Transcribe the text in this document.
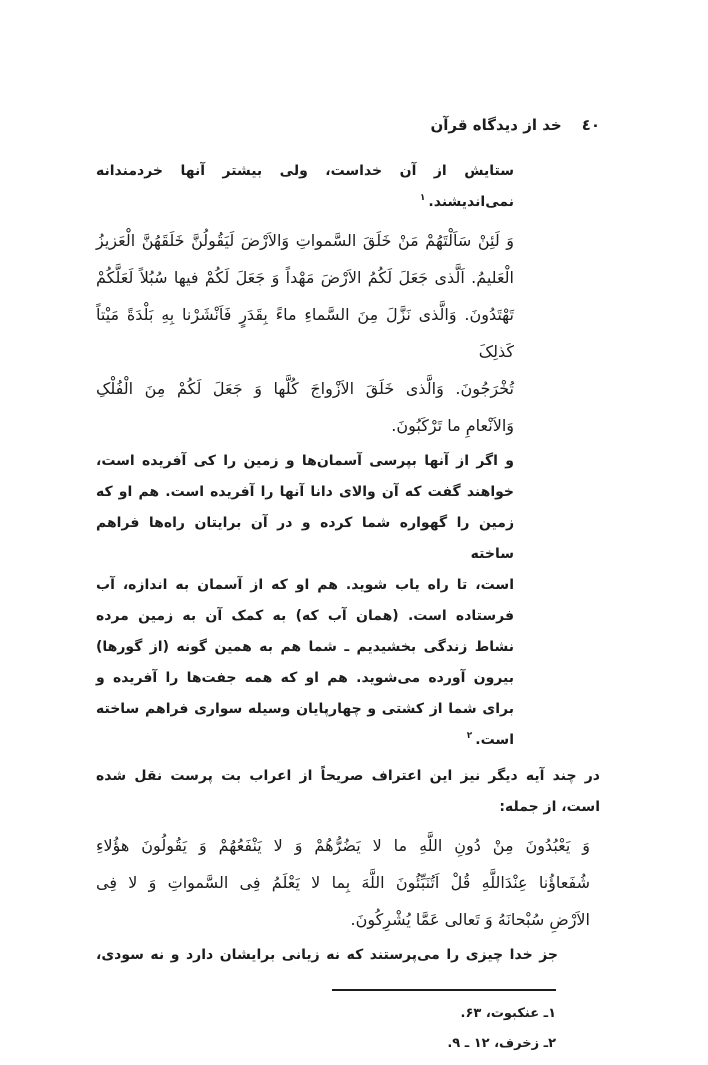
٤٠
خد از دیدگاه قرآن
ستایش از آن خداست، ولی بیشتر آنها خردمندانه نمی‌اندیشند.$^۱$
وَ لَئِنْ سَاَلْتَهُمْ مَنْ خَلَقَ السَّمواتِ وَالاَرْضَ لَیَقُولُنَّ خَلَقَهُنَّ الْعَزیزُ
الْعَلیمُ. اَلَّذی جَعَلَ لَکُمُ الاَرْضَ مَهْداً وَ جَعَلَ لَکُمْ فیها سُبُلاً لَعَلَّکُمْ
تَهْتَدُونَ. وَالَّذی نَزَّلَ مِنَ السَّماءِ ماءً بِقَدَرٍ فَاَنْشَرْنا بِهِ بَلْدَةً مَیْتاً کَذلِکَ
تُخْرَجُونَ. وَالَّذی خَلَقَ الاَزْواجَ کُلَّها وَ جَعَلَ لَکُمْ مِنَ الْفُلْکِ
وَالاَنْعامِ ما تَرْکَبُونَ.
و اگر از آنها بپرسی آسمان‌ها و زمین را کی آفریده است،
خواهند گفت که آن والای دانا آنها را آفریده است. هم او که
زمین را گهواره شما کرده و در آن برایتان راه‌ها فراهم ساخته
است، تا راه یاب شوید. هم او که از آسمان به اندازه، آب
فرستاده است. (همان آب که) به کمک آن به زمین مرده
نشاط زندگی بخشیدیم ـ شما هم به همین گونه (از گورها)
بیرون آورده می‌شوید. هم او که همه جفت‌ها را آفریده و
برای شما از کشتی و چهارپایان وسیله سواری فراهم ساخته
است.$^۲$
در چند آیه دیگر نیز این اعتراف صریحاً از اعراب بت پرست نقل شده
است، از جمله:
وَ یَعْبُدُونَ مِنْ دُونِ اللَّهِ ما لا یَضُرُّهُمْ وَ لا یَنْفَعُهُمْ وَ یَقُولُونَ هؤُلاءِ
شُفَعاؤُنا عِنْدَاللَّهِ قُلْ اَتُنَبِّئُونَ اللَّهَ بِما لا یَعْلَمُ فِی السَّمواتِ وَ لا فِی
الاَرْضِ سُبْحانَهُ وَ تَعالی عَمَّا یُشْرِکُونَ.
جز خدا چیزی را می‌پرستند که نه زیانی برایشان دارد و نه سودی،
۱ـ عنکبوت، ۶۳.
۲ـ زخرف، ۱۲ ـ ۹.
